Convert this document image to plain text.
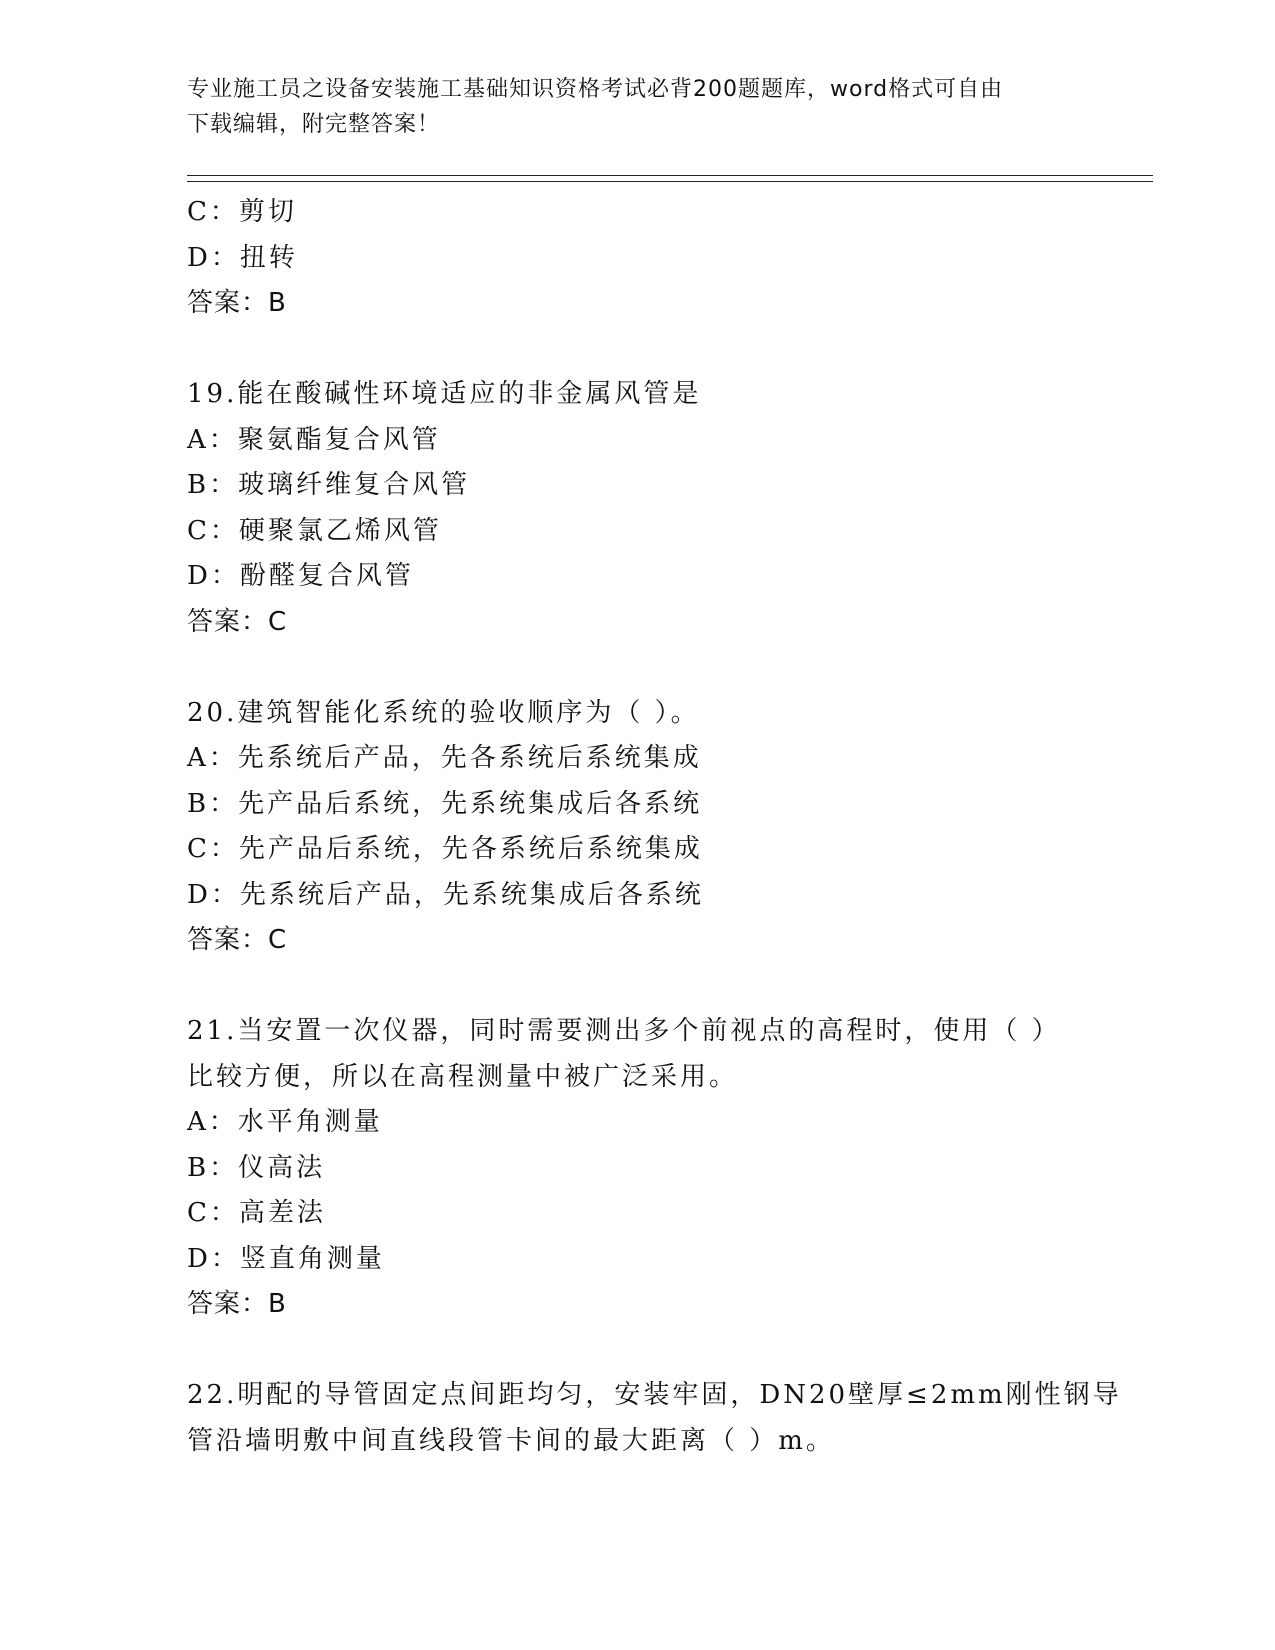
专业施工员之设备安装施工基础知识资格考试必背200题题库，word格式可自由
下载编辑，附完整答案！
C：剪切
D：扭转
答案：B
19.能在酸碱性环境适应的非金属风管是
A：聚氨酯复合风管
B：玻璃纤维复合风管
C：硬聚氯乙烯风管
D：酚醛复合风管
答案：C
20.建筑智能化系统的验收顺序为（ ）。
A：先系统后产品，先各系统后系统集成
B：先产品后系统，先系统集成后各系统
C：先产品后系统，先各系统后系统集成
D：先系统后产品，先系统集成后各系统
答案：C
21.当安置一次仪器，同时需要测出多个前视点的高程时，使用（ ）
比较方便，所以在高程测量中被广泛采用。
A：水平角测量
B：仪高法
C：高差法
D：竖直角测量
答案：B
22.明配的导管固定点间距均匀，安装牢固，DN20壁厚≤2mm刚性钢导
管沿墙明敷中间直线段管卡间的最大距离（ ）m。
